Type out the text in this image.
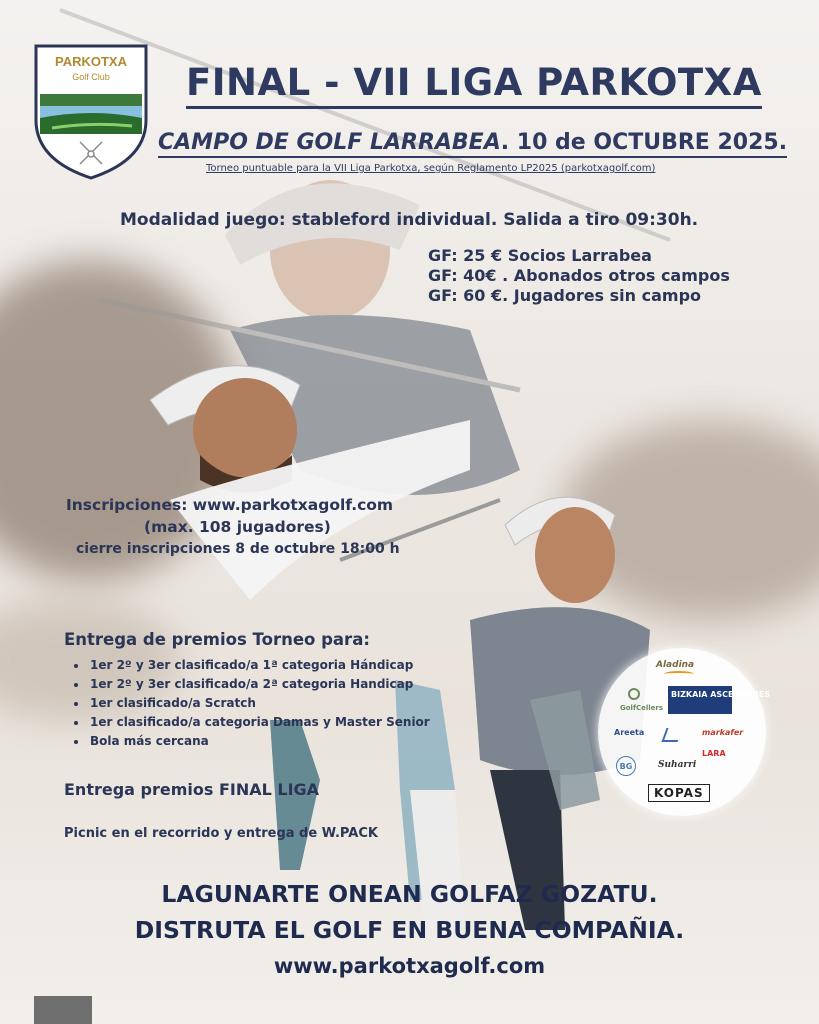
PARKOTXA
Golf Club FINAL - VII LIGA PARKOTXA
CAMPO DE GOLF LARRABEA. 10 de OCTUBRE 2025.
Torneo puntuable para la VII Liga Parkotxa, según Reglamento LP2025 (parkotxagolf.com)
Modalidad juego: stableford individual. Salida a tiro 09:30h.
GF: 25 € Socios Larrabea
GF: 40€ . Abonados otros campos
GF: 60 €. Jugadores sin campo
Inscripciones: www.parkotxagolf.com
(max. 108 jugadores)
cierre inscripciones 8 de octubre 18:00 h
Entrega de premios Torneo para:
• 1er 2º y 3er clasificado/a 1ª categoria Hándicap
• 1er 2º y 3er clasificado/a 2ª categoria Handicap
• 1er clasificado/a Scratch
• 1er clasificado/a categoria Damas y Master Senior
• Bola más cercana
Entrega premios FINAL LIGA
Picnic en el recorrido y entrega de W.PACK
Aladina
GolfCellers
BIZKAIA ASCENSORES
Areeta	markafer
LARA
BG	Suharri
KOPAS
LAGUNARTE ONEAN GOLFAZ GOZATU.
DISTRUTA EL GOLF EN BUENA COMPAÑIA.
www.parkotxagolf.com
